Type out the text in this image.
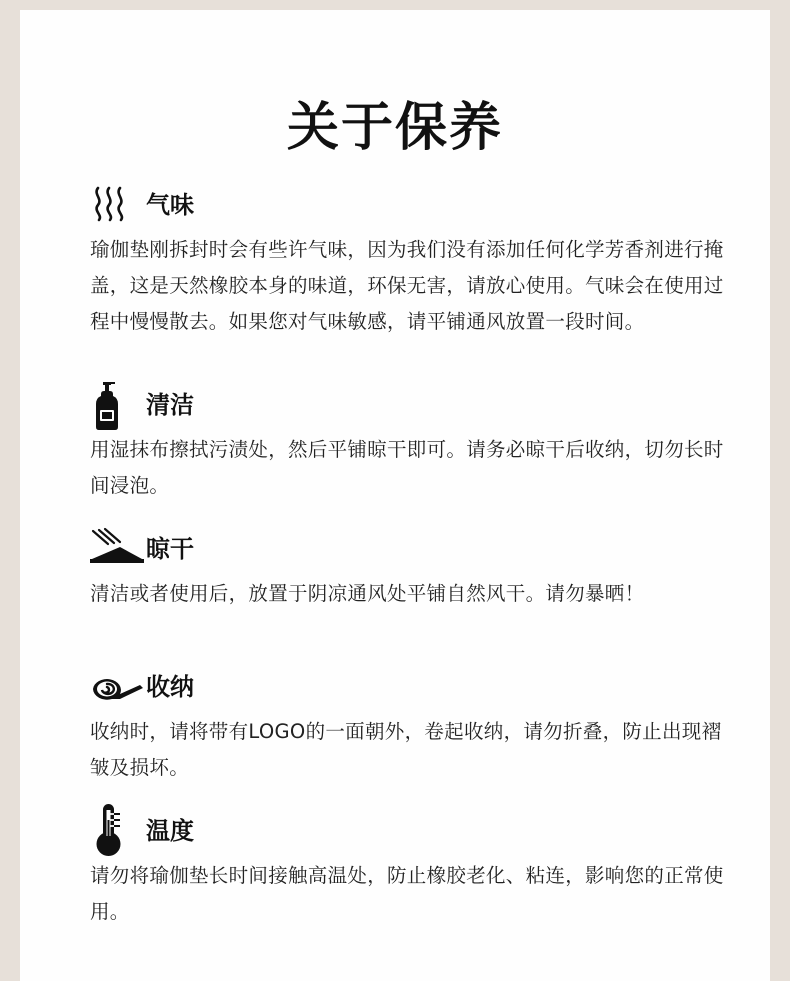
关于保养
气味

瑜伽垫刚拆封时会有些许气味，因为我们没有添加任何化学芳香剂进行掩盖，这是天然橡胶本身的味道，环保无害，请放心使用。气味会在使用过程中慢慢散去。如果您对气味敏感，请平铺通风放置一段时间。

清洁

用湿抹布擦拭污渍处，然后平铺晾干即可。请务必晾干后收纳，切勿长时间浸泡。

晾干

清洁或者使用后，放置于阴凉通风处平铺自然风干。请勿暴晒！

收纳

收纳时，请将带有LOGO的一面朝外，卷起收纳，请勿折叠，防止出现褶皱及损坏。

温度

请勿将瑜伽垫长时间接触高温处，防止橡胶老化、粘连，影响您的正常使用。
